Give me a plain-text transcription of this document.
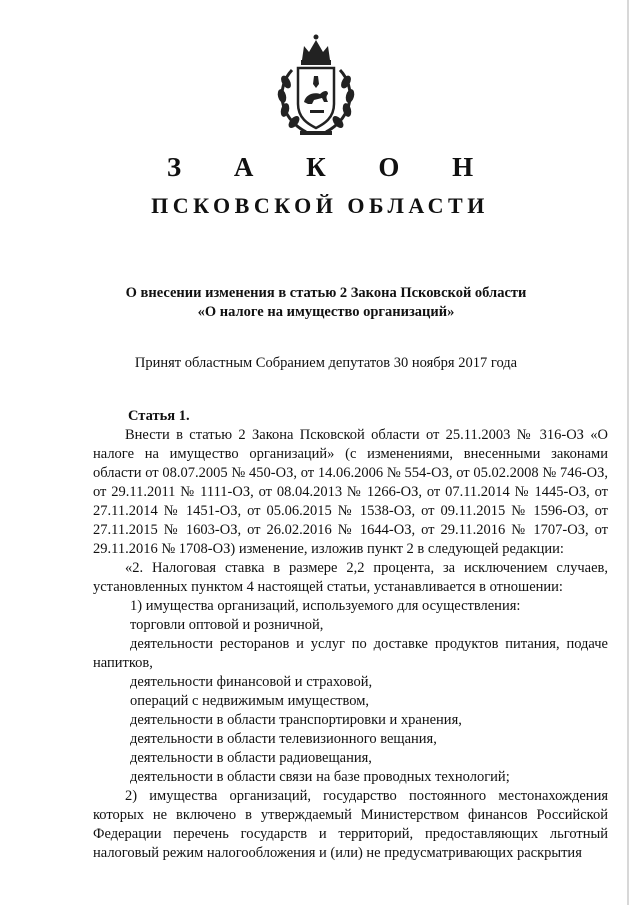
З А К О Н
ПСКОВСКОЙ ОБЛАСТИ
О внесении изменения в статью 2 Закона Псковской области
«О налоге на имущество организаций»
Принят областным Собранием депутатов 30 ноября 2017 года

Статья 1.

Внести в статью 2 Закона Псковской области от 25.11.2003 № 316-ОЗ «О налоге на имущество организаций» (с изменениями, внесенными законами области от 08.07.2005 № 450-ОЗ, от 14.06.2006 № 554-ОЗ, от 05.02.2008 № 746-ОЗ, от 29.11.2011 № 1111-ОЗ, от 08.04.2013 № 1266-ОЗ, от 07.11.2014 № 1445-ОЗ, от 27.11.2014 № 1451-ОЗ, от 05.06.2015 № 1538-ОЗ, от 09.11.2015 № 1596-ОЗ, от 27.11.2015 № 1603-ОЗ, от 26.02.2016 № 1644-ОЗ, от 29.11.2016 № 1707-ОЗ, от 29.11.2016 № 1708-ОЗ) изменение, изложив пункт 2 в следующей редакции:

«2. Налоговая ставка в размере 2,2 процента, за исключением случаев, установленных пунктом 4 настоящей статьи, устанавливается в отношении:

1) имущества организаций, используемого для осуществления:

торговли оптовой и розничной,

деятельности ресторанов и услуг по доставке продуктов питания, подаче напитков,

деятельности финансовой и страховой,

операций с недвижимым имуществом,

деятельности в области транспортировки и хранения,

деятельности в области телевизионного вещания,

деятельности в области радиовещания,

деятельности в области связи на базе проводных технологий;

2) имущества организаций, государство постоянного местонахождения которых не включено в утверждаемый Министерством финансов Российской Федерации перечень государств и территорий, предоставляющих льготный налоговый режим налогообложения и (или) не предусматривающих раскрытия
